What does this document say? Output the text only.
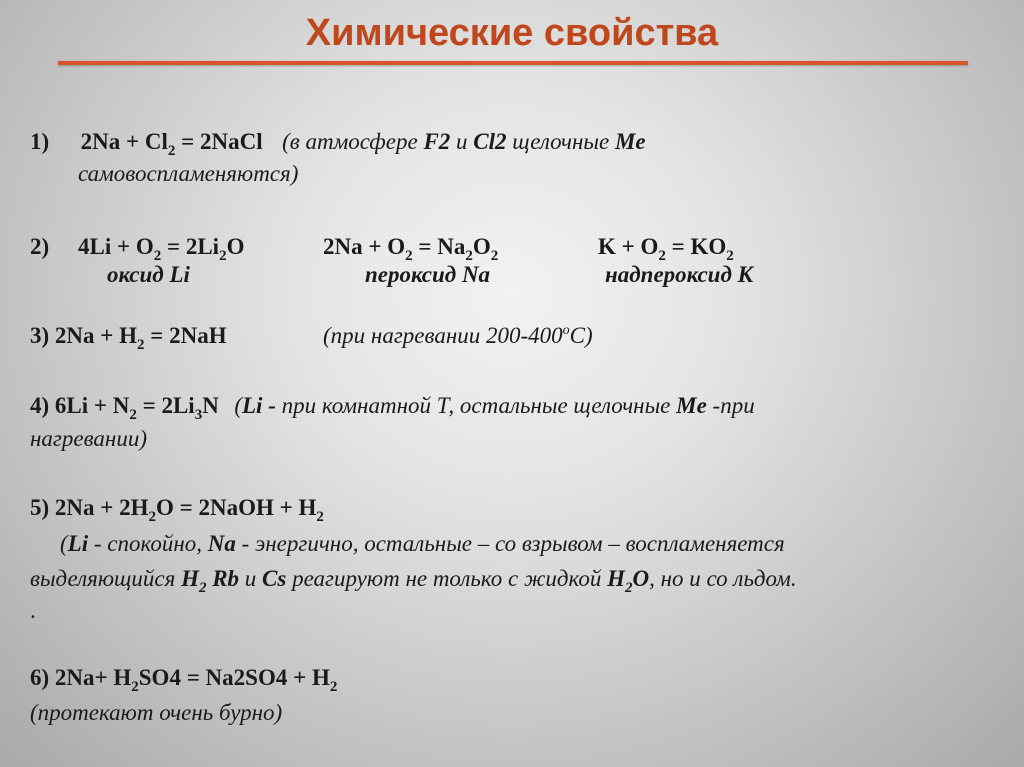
Химические свойства
1) $2Na + Cl_2$ = 2NaCl (в атмосфере F2 и Cl2 щелочные Me
самовоспламеняются)
2) $4Li + O_2 = 2Li_2O$	$2Na + O_2 = Na_2O_2$	$K + O_2 = KO_2$
оксид Li	пероксид Na	надпероксид К
3) $2Na + H_2 = 2NaH$	(при нагревании 200-400$^o$C)
4) $6Li + N_2 = 2Li_3N$ (Li - при комнатной Т, остальные щелочные Me -при
нагревании)
5) $2Na + 2H_2O$ = 2NaOH + $H_2$
(Li - спокойно, Na - энергично, остальные – со взрывом – воспламеняется
выделяющийся $H_2$ Rb и Cs реагируют не только с жидкой $H_2O$, но и со льдом.
.
6) $2Na+ H_2SO4 = Na2SO4 + H_2$
(протекают очень бурно)
